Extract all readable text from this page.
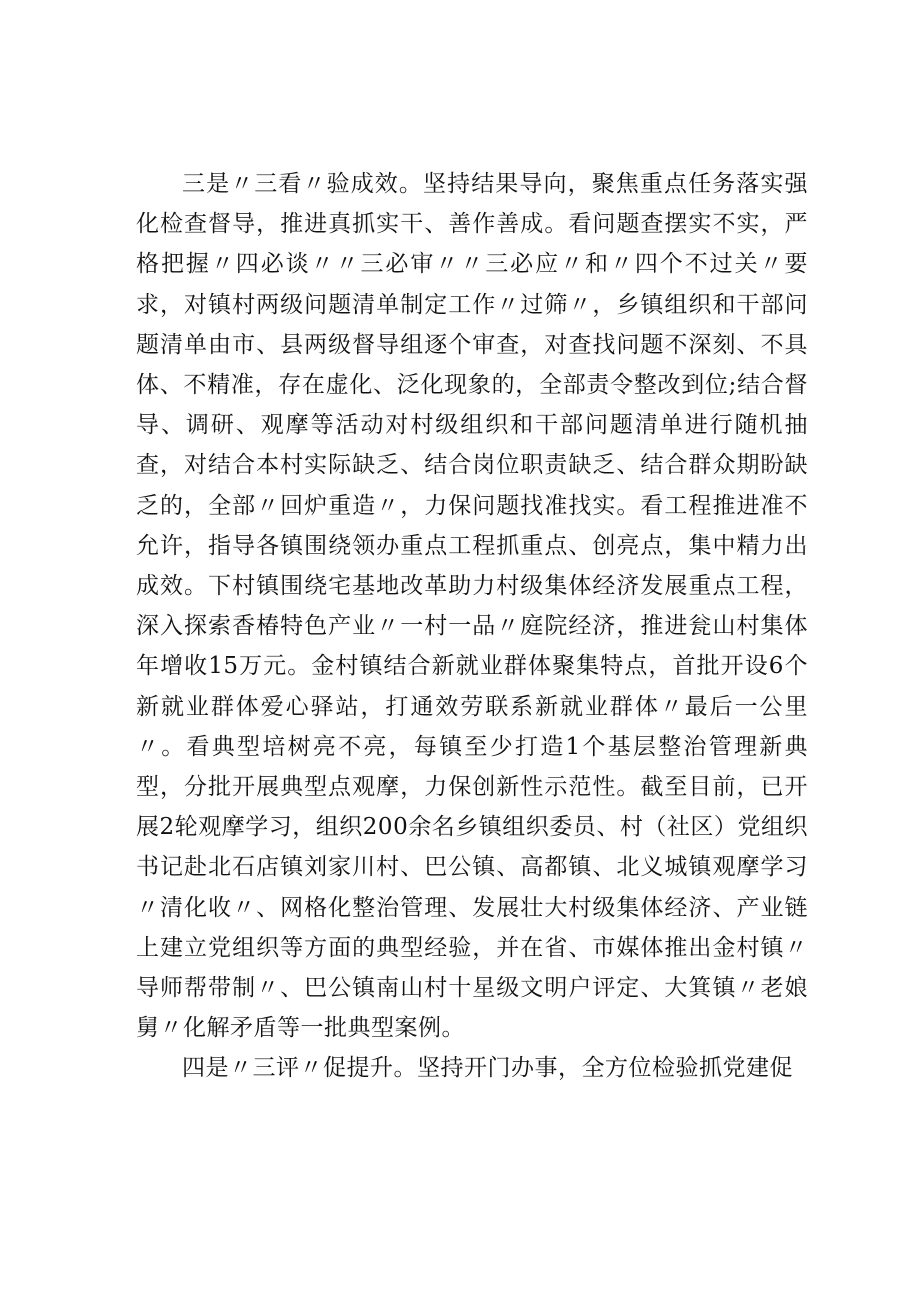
三是〃三看〃验成效。坚持结果导向，聚焦重点任务落实强化检查督导，推进真抓实干、善作善成。看问题查摆实不实，严格把握〃四必谈〃〃三必审〃〃三必应〃和〃四个不过关〃要求，对镇村两级问题清单制定工作〃过筛〃，乡镇组织和干部问题清单由市、县两级督导组逐个审查，对查找问题不深刻、不具体、不精准，存在虚化、泛化现象的，全部责令整改到位;结合督导、调研、观摩等活动对村级组织和干部问题清单进行随机抽查，对结合本村实际缺乏、结合岗位职责缺乏、结合群众期盼缺乏的，全部〃回炉重造〃，力保问题找准找实。看工程推进准不允许，指导各镇围绕领办重点工程抓重点、创亮点，集中精力出成效。下村镇围绕宅基地改革助力村级集体经济发展重点工程，深入探索香椿特色产业〃一村一品〃庭院经济，推进瓮山村集体年增收15万元。金村镇结合新就业群体聚集特点，首批开设6个新就业群体爱心驿站，打通效劳联系新就业群体〃最后一公里〃。看典型培树亮不亮，每镇至少打造1个基层整治管理新典型，分批开展典型点观摩，力保创新性示范性。截至目前，已开展2轮观摩学习，组织200余名乡镇组织委员、村（社区）党组织书记赴北石店镇刘家川村、巴公镇、高都镇、北义城镇观摩学习〃清化收〃、网格化整治管理、发展壮大村级集体经济、产业链上建立党组织等方面的典型经验，并在省、市媒体推出金村镇〃导师帮带制〃、巴公镇南山村十星级文明户评定、大箕镇〃老娘舅〃化解矛盾等一批典型案例。

四是〃三评〃促提升。坚持开门办事，全方位检验抓党建促
